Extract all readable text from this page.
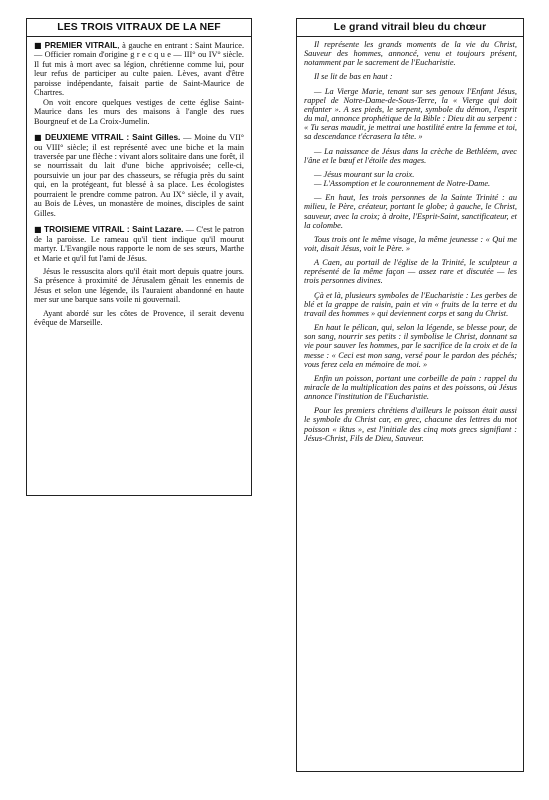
LES TROIS VITRAUX DE LA NEF

■ PREMIER VITRAIL, à gauche en entrant : Saint Maurice. — Officier romain d'origine g r e c q u e — III° ou IV° siècle. Il fut mis à mort avec sa légion, chrétienne comme lui, pour leur refus de participer au culte paien. Lèves, avant d'être paroisse indépendante, faisait partie de Saint-Maurice de Chartres.

On voit encore quelques vestiges de cette église Saint-Maurice dans les murs des maisons à l'angle des rues Bourgneuf et de La Croix-Jumelin.

■ DEUXIEME VITRAIL : Saint Gilles. — Moine du VII° ou VIII° siècle; il est représenté avec une biche et la main traversée par une flèche : vivant alors solitaire dans une forêt, il se nourrissait du lait d'une biche apprivoisée; celle-ci, poursuivie un jour par des chasseurs, se réfugia près du saint qui, en la protégeant, fut blessé à sa place. Les écologistes pourraient le prendre comme patron. Au IX° siècle, il y avait, au Bois de Lèves, un monastère de moines, disciples de saint Gilles.

■ TROISIEME VITRAIL : Saint Lazare. — C'est le patron de la paroisse. Le rameau qu'il tient indique qu'il mourut martyr. L'Evangile nous rapporte le nom de ses sœurs, Marthe et Marie et qu'il fut l'ami de Jésus.

Jésus le ressuscita alors qu'il était mort depuis quatre jours. Sa présence à proximité de Jérusalem gênait les ennemis de Jésus et selon une légende, ils l'auraient abandonné en haute mer sur une barque sans voile ni gouvernail.

Ayant abordé sur les côtes de Provence, il serait devenu évêque de Marseille.

Le grand vitrail bleu du chœur

Il représente les grands moments de la vie du Christ, Sauveur des hommes, annoncé, venu et toujours présent, notamment par le sacrement de l'Eucharistie.

Il se lit de bas en haut :

— La Vierge Marie, tenant sur ses genoux l'Enfant Jésus, rappel de Notre-Dame-de-Sous-Terre, la « Vierge qui doit enfanter ». A ses pieds, le serpent, symbole du démon, l'esprit du mal, annonce prophétique de la Bible : Dieu dit au serpent : « Tu seras maudit, je mettrai une hostilité entre la femme et toi, sa descendance t'écrasera la tête. »

— La naissance de Jésus dans la crèche de Bethléem, avec l'âne et le bœuf et l'étoile des mages.

— Jésus mourant sur la croix.

— L'Assomption et le couronnement de Notre-Dame.

— En haut, les trois personnes de la Sainte Trinité : au milieu, le Père, créateur, portant le globe; à gauche, le Christ, sauveur, avec la croix; à droite, l'Esprit-Saint, sanctificateur, et la colombe.

Tous trois ont le même visage, la même jeunesse : « Qui me voit, disait Jésus, voit le Père. »

A Caen, au portail de l'église de la Trinité, le sculpteur a représenté de la même façon — assez rare et discutée — les trois personnes divines.

Çà et là, plusieurs symboles de l'Eucharistie : Les gerbes de blé et la grappe de raisin, pain et vin « fruits de la terre et du travail des hommes » qui deviennent corps et sang du Christ.

En haut le pélican, qui, selon la légende, se blesse pour, de son sang, nourrir ses petits : il symbolise le Christ, donnant sa vie pour sauver les hommes, par le sacrifice de la croix et de la messe : « Ceci est mon sang, versé pour le pardon des péchés; vous ferez cela en mémoire de moi. »

Enfin un poisson, portant une corbeille de pain : rappel du miracle de la multiplication des pains et des poissons, où Jésus annonce l'institution de l'Eucharistie.

Pour les premiers chrétiens d'ailleurs le poisson était aussi le symbole du Christ car, en grec, chacune des lettres du mot poisson « iktus », est l'initiale des cinq mots grecs signifiant : Jésus-Christ, Fils de Dieu, Sauveur.
